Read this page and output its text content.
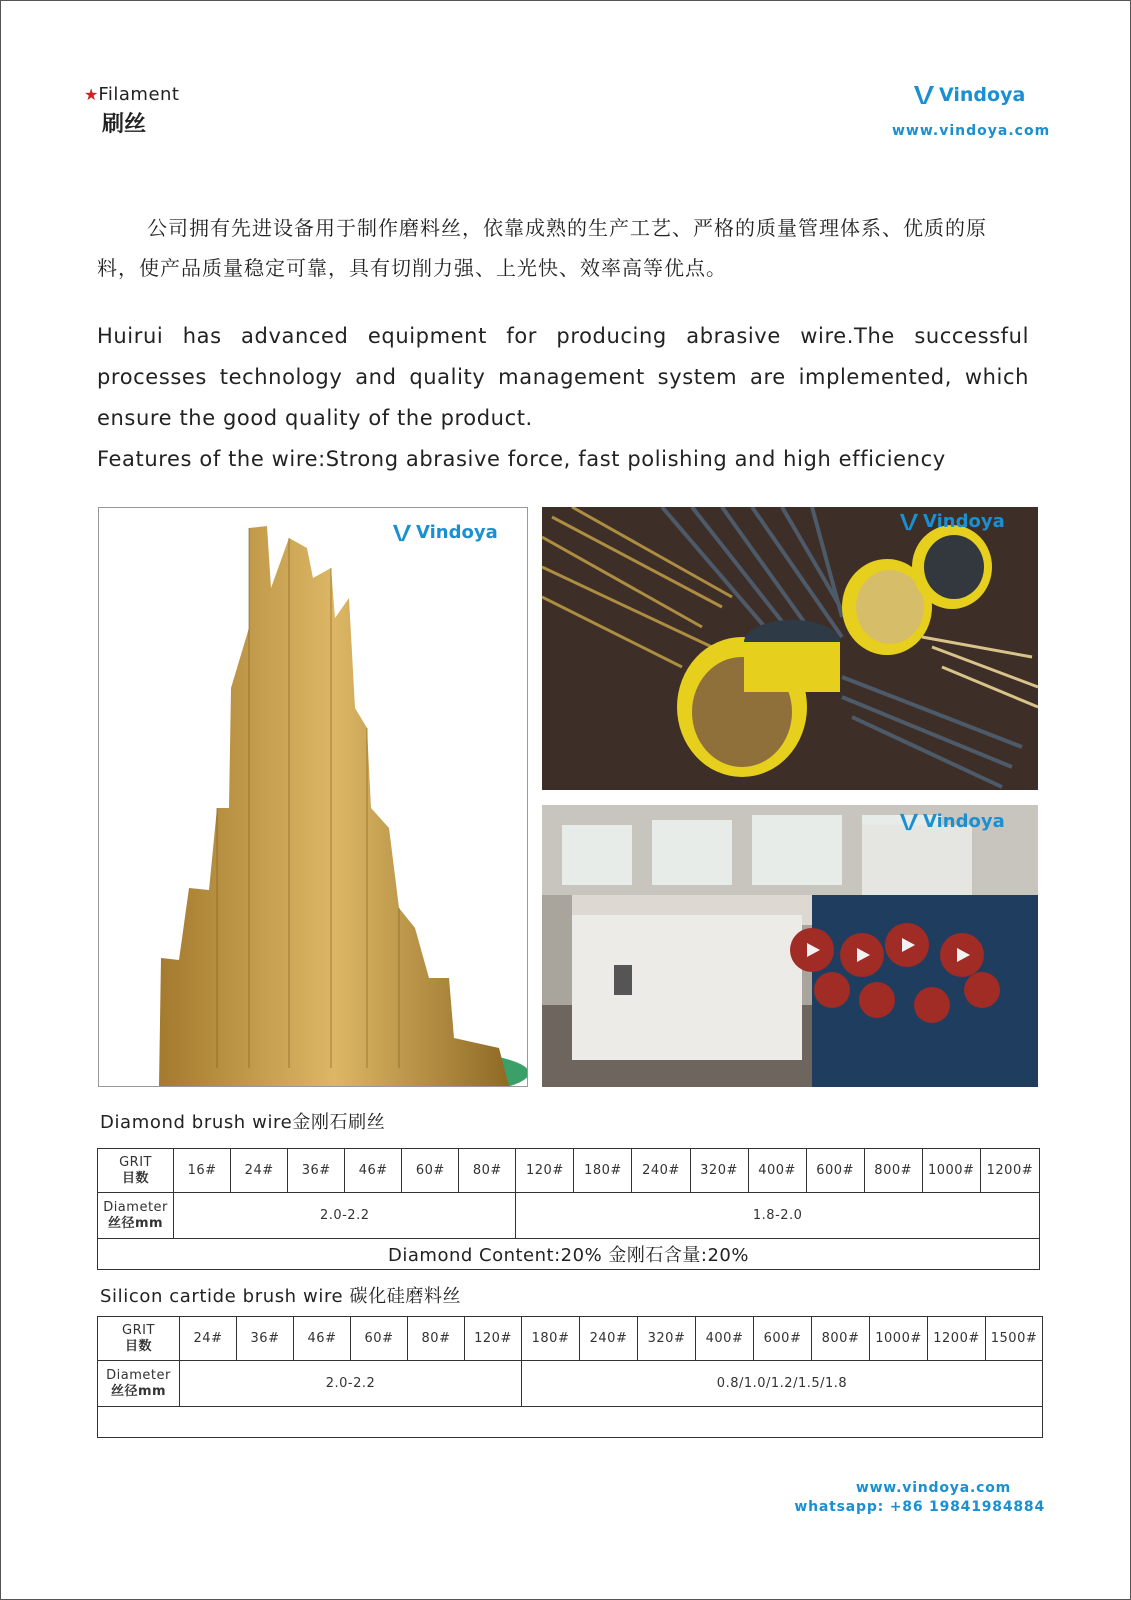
★Filament
刷丝
Vindoya
www.vindoya.com
公司拥有先进设备用于制作磨料丝，依靠成熟的生产工艺、严格的质量管理体系、优质的原料，使产品质量稳定可靠，具有切削力强、上光快、效率高等优点。

Huirui has advanced equipment for producing abrasive wire.The successful processes technology and quality management system are implemented, which ensure the good quality of the product.

Features of the wire:Strong abrasive force, fast polishing and high efficiency

Vindoya
Vindoya
Vindoya
Diamond brush wire金刚石刷丝
GRIT
目数	16#	24#	36#	46#	60#	80#	120#	180#	240#	320#	400#	600#	800#	1000#	1200#
Diameter
丝径mm	2.0-2.2						1.8-2.0								
Diamond Content:20% 金刚石含量:20%															
Silicon cartide brush wire 碳化硅磨料丝
GRIT
目数	24#	36#	46#	60#	80#	120#	180#	240#	320#	400#	600#	800#	1000#	1200#	1500#
Diameter
丝径mm	2.0-2.2						0.8/1.0/1.2/1.5/1.8								

www.vindoya.com
whatsapp: +86 19841984884
